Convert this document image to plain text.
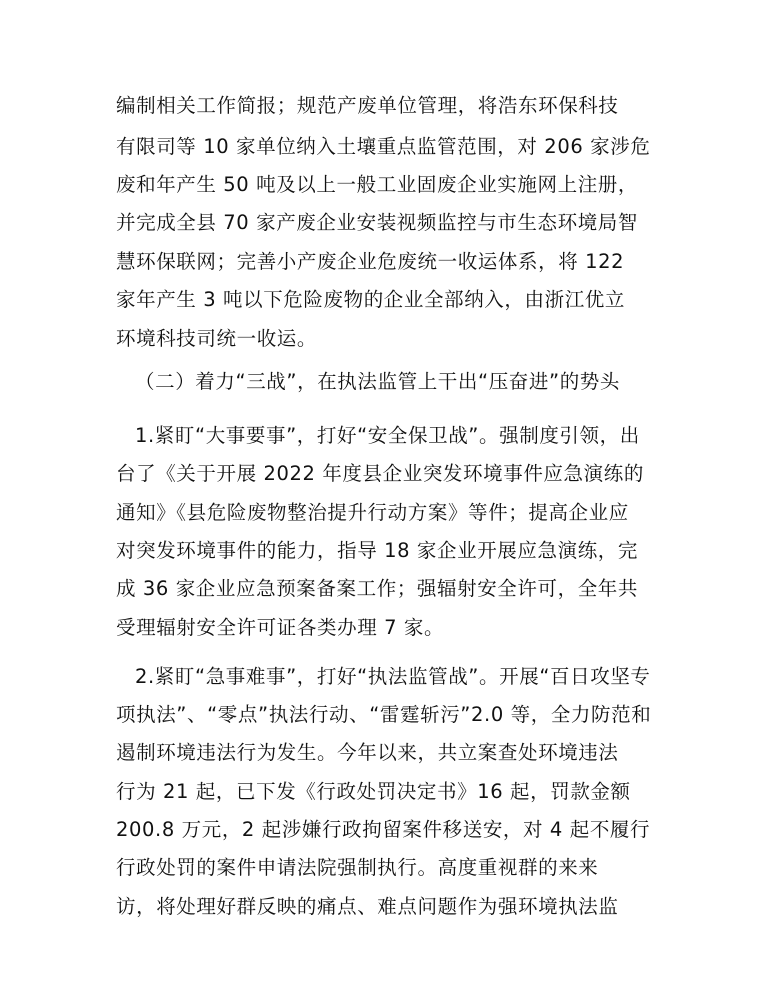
编制相关工作简报；规范产废单位管理，将浩东环保科技
有限司等 10 家单位纳入土壤重点监管范围，对 206 家涉危
废和年产生 50 吨及以上一般工业固废企业实施网上注册，
并完成全县 70 家产废企业安装视频监控与市生态环境局智
慧环保联网；完善小产废企业危废统一收运体系，将 122
家年产生 3 吨以下危险废物的企业全部纳入，由浙江优立
环境科技司统一收运。
（二）着力“三战”，在执法监管上干出“压奋进”的势头
1.紧盯“大事要事”，打好“安全保卫战”。强制度引领，出
台了《关于开展 2022 年度县企业突发环境事件应急演练的
通知》《县危险废物整治提升行动方案》等件；提高企业应
对突发环境事件的能力，指导 18 家企业开展应急演练，完
成 36 家企业应急预案备案工作；强辐射安全许可，全年共
受理辐射安全许可证各类办理 7 家。
2.紧盯“急事难事”，打好“执法监管战”。开展“百日攻坚专
项执法”、“零点”执法行动、“雷霆斩污”2.0 等，全力防范和
遏制环境违法行为发生。今年以来，共立案查处环境违法
行为 21 起，已下发《行政处罚决定书》16 起，罚款金额
200.8 万元，2 起涉嫌行政拘留案件移送安，对 4 起不履行
行政处罚的案件申请法院强制执行。高度重视群的来来
访，将处理好群反映的痛点、难点问题作为强环境执法监
